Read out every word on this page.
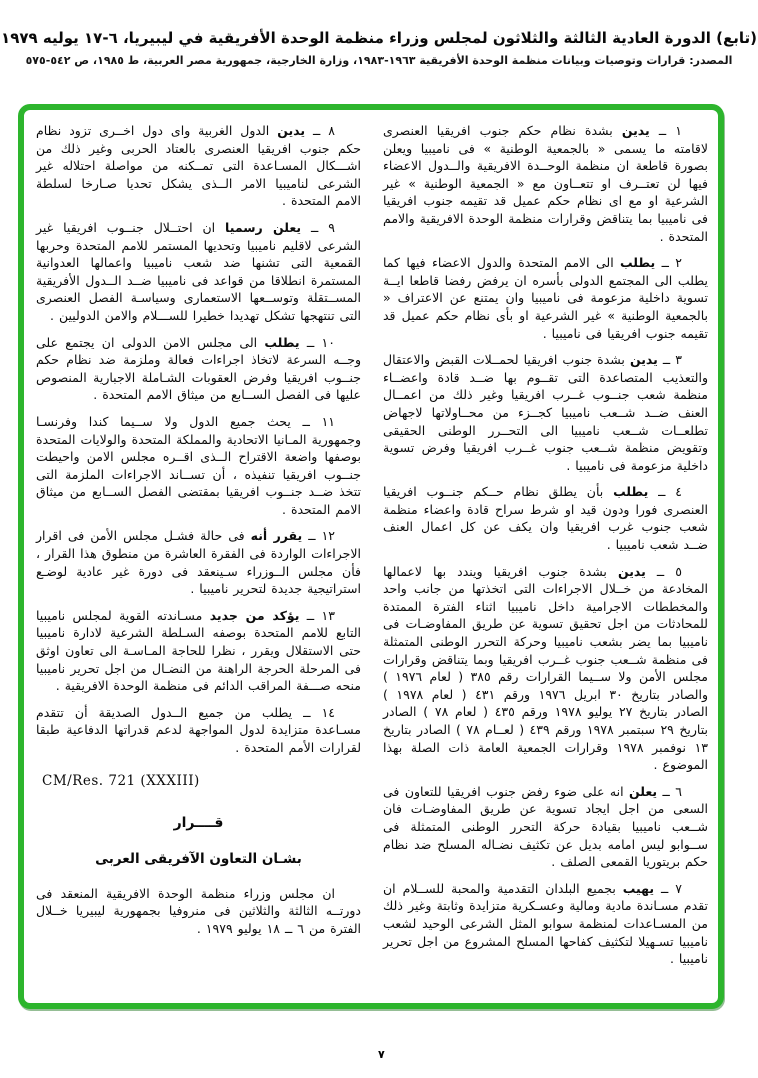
(تابع) الدورة العادية الثالثة والثلاثون لمجلس وزراء منظمة الوحدة الأفريقية في ليبيريا، ٦-١٧ يوليه ١٩٧٩
المصدر: قرارات وتوصيات وبيانات منظمة الوحدة الأفريقية ١٩٦٣-١٩٨٣، وزارة الخارجية، جمهورية مصر العربية، ط ١٩٨٥، ص ٥٤٢-٥٧٥

١ ــ يدين بشدة نظام حكم جنوب افريقيا العنصرى لاقامته ما يسمى « بالجمعية الوطنية » فى ناميبيا ويعلن بصورة قاطعة ان منظمة الوحــدة الافريقية والــدول الاعضاء فيها لن تعتــرف او تتعــاون مع « الجمعية الوطنية » غير الشرعية او مع اى نظام حكم عميل قد تقيمه جنوب افريقيا فى ناميبيا بما يتناقض وقرارات منظمة الوحدة الافريقية والامم المتحدة .

٢ ــ يطلب الى الامم المتحدة والدول الاعضاء فيها كما يطلب الى المجتمع الدولى بأسره ان يرفض رفضا قاطعا ايــة تسوية داخلية مزعومة فى ناميبيا وان يمتنع عن الاعتراف « بالجمعية الوطنية » غير الشرعية او بأى نظام حكم عميل قد تقيمه جنوب افريقيا فى ناميبيا .

٣ ــ يدين بشدة جنوب افريقيا لحمــلات القبض والاعتقال والتعذيب المتصاعدة التى تقــوم بها ضــد قادة واعضــاء منظمة شعب جنــوب غــرب افريقيا وغير ذلك من اعمــال العنف ضــد شــعب ناميبيا كجــزء من محــاولاتها لاجهاض تطلعــات شــعب ناميبيا الى التحــرر الوطنى الحقيقى وتقويض منظمة شــعب جنوب غــرب افريقيا وفرض تسوية داخلية مزعومة فى ناميبيا .

٤ ــ يطلب بأن يطلق نظام حــكم جنــوب افريقيا العنصرى فورا ودون قيد او شرط سراح قادة واعضاء منظمة شعب جنوب غرب افريقيا وان يكف عن كل اعمال العنف ضــد شعب ناميبيا .

٥ ــ يدين بشدة جنوب افريقيا ويندد بها لاعمالها المخادعة من خــلال الاجراءات التى اتخذتها من جانب واحد والمخططات الاجرامية داخل ناميبيا اثناء الفترة الممتدة للمحادثات من اجل تحقيق تسوية عن طريق المفاوضـات فى ناميبيا بما يضر بشعب ناميبيا وحركة التحرر الوطنى المتمثلة فى منظمة شــعب جنوب غــرب افريقيا وبما يتناقض وقرارات مجلس الأمن ولا ســيما القرارات رقم ٣٨٥ ( لعام ١٩٧٦ ) والصادر بتاريخ ٣٠ ابريل ١٩٧٦ ورقم ٤٣١ ( لعام ١٩٧٨ ) الصادر بتاريخ ٢٧ يوليو ١٩٧٨ ورقم ٤٣٥ ( لعام ٧٨ ) الصادر بتاريخ ٢٩ سبتمبر ١٩٧٨ ورقم ٤٣٩ ( لعــام ٧٨ ) الصادر بتاريخ ١٣ نوفمبر ١٩٧٨ وقرارات الجمعية العامة ذات الصلة بهذا الموضوع .

٦ ــ يعلن انه على ضوء رفض جنوب افريقيا للتعاون فى السعى من اجل ايجاد تسوية عن طريق المفاوضـات فان شــعب ناميبيا بقيادة حركة التحرر الوطنى المتمثلة فى ســوابو ليس امامه بديل عن تكثيف نضـاله المسلح ضد نظام حكم بريتوريا القمعى الصلف .

٧ ــ يهيب بجميع البلدان التقدمية والمحبة للســلام ان تقدم مسـاندة مادية ومالية وعسـكرية متزايدة وثابتة وغير ذلك من المسـاعدات لمنظمة سوابو المثل الشرعى الوحيد لشعب ناميبيا تسـهيلا لتكثيف كفاحها المسلح المشروع من اجل تحرير ناميبيا .

٨ ــ يدين الدول الغربية واى دول اخــرى تزود نظام حكم جنوب افريقيا العنصرى بالعتاد الحربى وغير ذلك من اشـــكال المسـاعدة التى تمــكنه من مواصلة احتلاله غير الشرعى لناميبيا الامر الــذى يشكل تحديا صـارخا لسلطة الامم المتحدة .

٩ ــ يعلن رسميا ان احتــلال جنــوب افريقيا غير الشرعى لاقليم ناميبيا وتحديها المستمر للامم المتحدة وحربها القمعية التى تشنها ضد شعب ناميبيا واعمالها العدوانية المستمرة انطلاقا من قواعد فى ناميبيا ضــد الــدول الأفريقية المســتقلة وتوســعها الاستعمارى وسياسـة الفصل العنصرى التى تنتهجها تشكل تهديدا خطيرا للســـلام والامن الدوليين .

١٠ ــ يطلب الى مجلس الامن الدولى ان يجتمع على وجــه السرعة لاتخاذ اجراءات فعالة وملزمة ضد نظام حكم جنــوب افريقيا وفرض العقوبات الشـاملة الاجبارية المنصوص عليها فى الفصل الســابع من ميثاق الامم المتحدة .

١١ ــ يحث جميع الدول ولا ســيما كندا وفرنسـا وجمهورية المـانيا الاتحادية والمملكة المتحدة والولايات المتحدة بوصفها واضعة الاقتراح الــذى اقــره مجلس الامن واحيطت جنــوب افريقيا تنفيذه ، أن تســاند الاجراءات الملزمة التى تتخذ ضــد جنــوب افريقيا بمقتضى الفصل الســابع من ميثاق الامم المتحدة .

١٢ ــ يقرر أنه فى حالة فشـل مجلس الأمن فى اقرار الاجراءات الواردة فى الفقرة العاشرة من منطوق هذا القرار ، فأن مجلس الــوزراء سـينعقد فى دورة غير عادية لوضـع استراتيجية جديدة لتحرير ناميبيا .

١٣ ــ يؤكد من جديد مسـاندته القوية لمجلس ناميبيا التابع للامم المتحدة بوصفه السـلطة الشرعية لادارة ناميبيا حتى الاستقلال ويقرر ، نظرا للحاجة المـاسـة الى تعاون اوثق فى المرحلة الحرجة الراهنة من النضـال من اجل تحرير ناميبيا منحه صـــفة المراقب الدائم فى منظمة الوحدة الافريقية .

١٤ ــ يطلب من جميع الــدول الصديقة أن تتقدم مسـاعدة متزايدة لدول المواجهة لدعم قدراتها الدفاعية طبقا لقرارات الأمم المتحدة .

CM/Res. 721 (XXXIII)

قــــرار

بشـان التعاون الآفريقى العربى

ان مجلس وزراء منظمة الوحدة الافريقية المنعقد فى دورتــه الثالثة والثلاثين فى منروفيا بجمهورية ليبيريا خــلال الفترة من ٦ ــ ١٨ يوليو ١٩٧٩ .

٧
